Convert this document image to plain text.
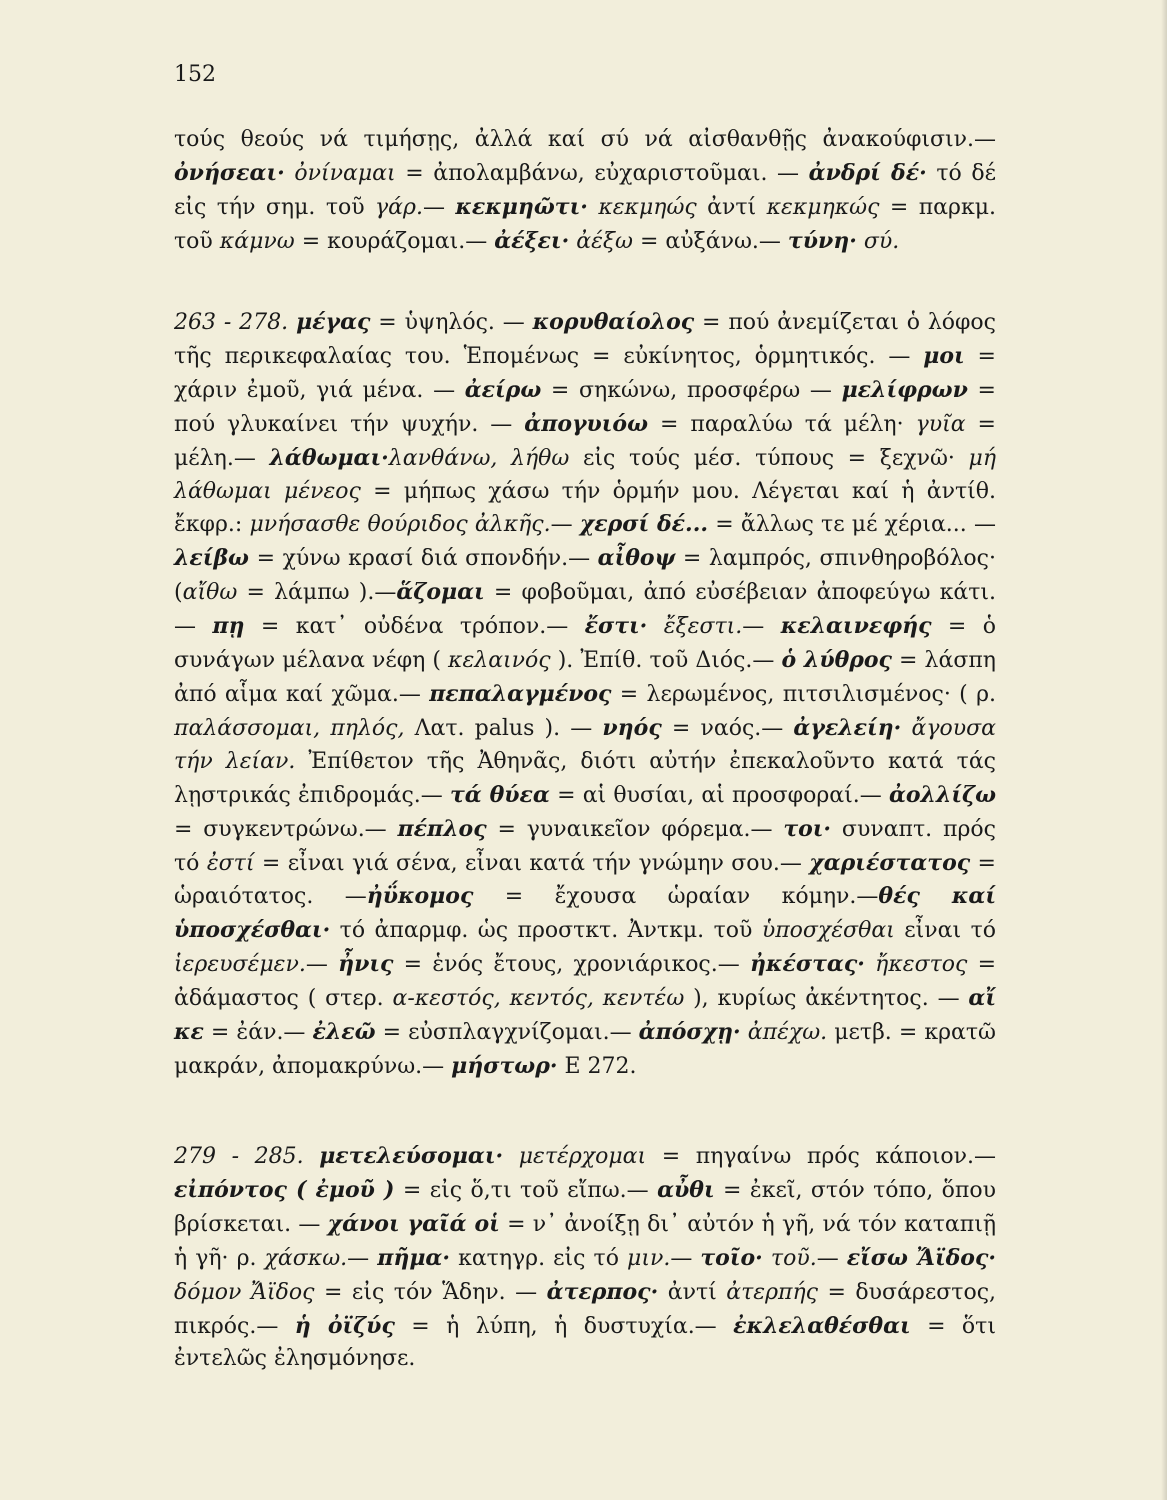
152

τούς θεούς νά τιμήσῃς, ἀλλά καί σύ νά αἰσθανθῇς ἀνακούφισιν.— ὀνήσεαι· ὀνίναμαι = ἀπολαμβάνω, εὐχαριστοῦμαι. — ἀνδρί δέ· τό δέ εἰς τήν σημ. τοῦ γάρ.— κεκμηῶτι· κεκμηώς ἀντί κεκμηκώς = παρκμ. τοῦ κάμνω = κουράζομαι.— ἀέξει· ἀέξω = αὐξάνω.— τύνη· σύ.

263 - 278. μέγας = ὑψηλός. — κορυθαίολος = πού ἀνεμίζεται ὁ λόφος τῆς περικεφαλαίας του. Ἑπομένως = εὐκίνητος, ὁρμητικός. — μοι = χάριν ἐμοῦ, γιά μένα. — ἀείρω = σηκώνω, προσφέρω — μελίφρων = πού γλυκαίνει τήν ψυχήν. — ἀπογυιόω = παραλύω τά μέλη· γυῖα = μέλη.— λάθωμαι·λανθάνω, λήθω εἰς τούς μέσ. τύπους = ξεχνῶ· μή λάθωμαι μένεος = μήπως χάσω τήν ὁρμήν μου. Λέγεται καί ἡ ἀντίθ. ἔκφρ.: μνήσασθε θούριδος ἀλκῆς.— χερσί δέ... = ἄλλως τε μέ χέρια... — λείβω = χύνω κρασί διά σπονδήν.— αἶθοψ = λαμπρός, σπινθηροβόλος· (αἴθω = λάμπω ).—ἅζομαι = φοβοῦμαι, ἀπό εὐσέβειαν ἀποφεύγω κάτι.— πῃ = κατ᾽ οὐδένα τρόπον.— ἔστι· ἔξεστι.— κελαινεφής = ὁ συνάγων μέλανα νέφη ( κελαινός ). Ἐπίθ. τοῦ Διός.— ὁ λύθρος = λάσπη ἀπό αἷμα καί χῶμα.— πεπαλαγμένος = λερωμένος, πιτσιλισμένος· ( ρ. παλάσσομαι, πηλός, Λατ. palus ). — νηός = ναός.— ἀγελείη· ἄγουσα τήν λείαν. Ἐπίθετον τῆς Ἀθηνᾶς, διότι αὐτήν ἐπεκαλοῦντο κατά τάς λῃστρικάς ἐπιδρομάς.— τά θύεα = αἱ θυσίαι, αἱ προσφοραί.— ἀολλίζω = συγκεντρώνω.— πέπλος = γυναικεῖον φόρεμα.— τοι· συναπτ. πρός τό ἐστί = εἶναι γιά σένα, εἶναι κατά τήν γνώμην σου.— χαριέστατος = ὡραιότατος. —ἠΰκομος = ἔχουσα ὡραίαν κόμην.—θές καί ὑποσχέσθαι· τό ἀπαρμφ. ὡς προστκτ. Ἀντκμ. τοῦ ὑποσχέσθαι εἶναι τό ἱερευσέμεν.— ἦνις = ἑνός ἔτους, χρονιάρικος.— ἠκέστας· ἤκεστος = ἀδάμαστος ( στερ. α-κεστός, κεντός, κεντέω ), κυρίως ἀκέντητος. — αἴ κε = ἐάν.— ἐλεῶ = εὐσπλαγχνίζομαι.— ἀπόσχῃ· ἀπέχω. μετβ. = κρατῶ μακράν, ἀπομακρύνω.— μήστωρ· Ε 272.

279 - 285. μετελεύσομαι· μετέρχομαι = πηγαίνω πρός κάποιον.— εἰπόντος ( ἐμοῦ ) = εἰς ὅ,τι τοῦ εἴπω.— αὖθι = ἐκεῖ, στόν τόπο, ὅπου βρίσκεται. — χάνοι γαῖά οἱ = ν᾽ ἀνοίξῃ δι᾽ αὐτόν ἡ γῆ, νά τόν καταπιῇ ἡ γῆ· ρ. χάσκω.— πῆμα· κατηγρ. εἰς τό μιν.— τοῖο· τοῦ.— εἴσω Ἄϊδος· δόμον Ἄϊδος = εἰς τόν Ἅδην. — ἀτερπος· ἀντί ἀτερπής = δυσάρεστος, πικρός.— ἡ ὀϊζύς = ἡ λύπη, ἡ δυστυχία.— ἐκλελαθέσθαι = ὅτι ἐντελῶς ἐλησμόνησε.
